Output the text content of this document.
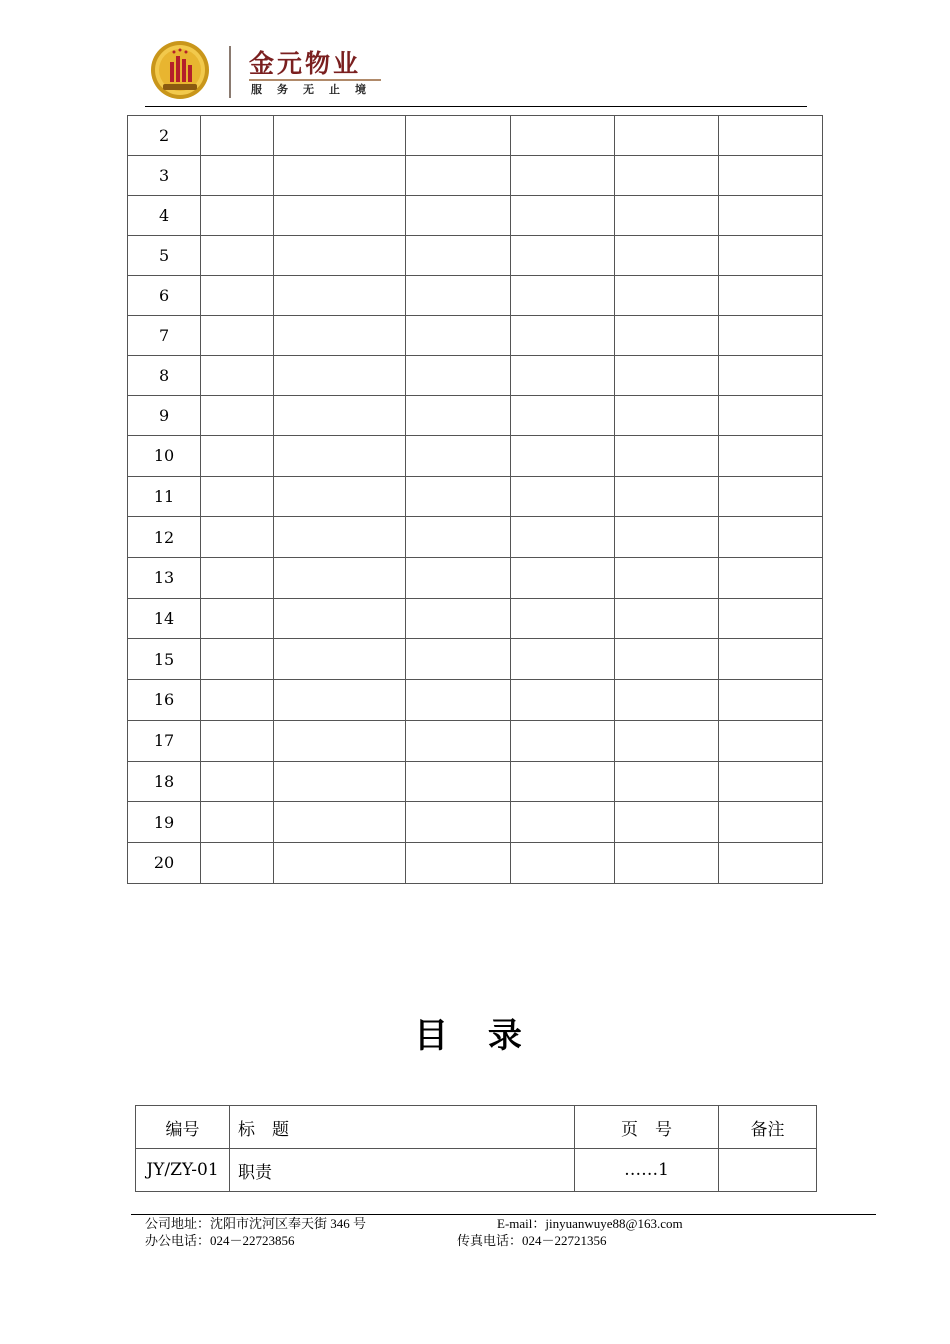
金元物业
服务无止境
2						
3						
4						
5						
6						
7						
8						
9						
10						
11						
12						
13						
14						
15						
16						
17						
18						
19						
20						
目 录
编号	标　题	页　号	备注
JY/ZY-01	职责	……1	
公司地址：沈阳市沈河区奉天街 346 号	E-mail：jinyuanwuye88@163.com
办公电话：024－22723856	传真电话：024－22721356
